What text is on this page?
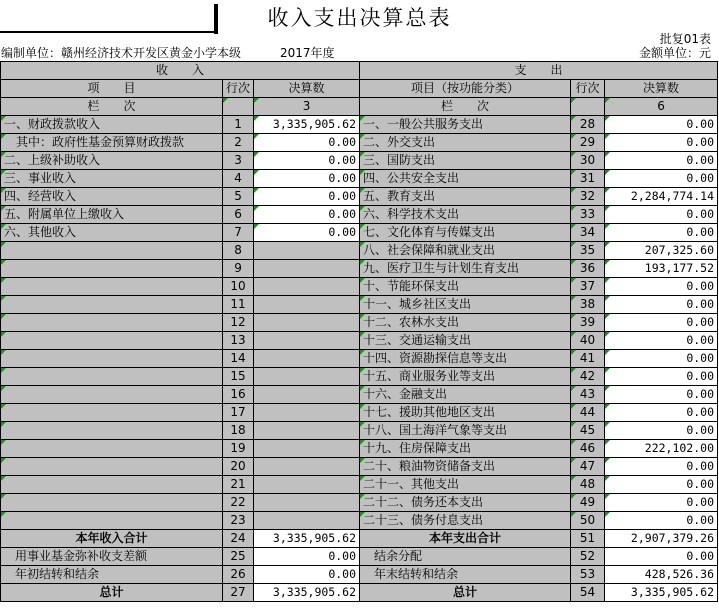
收入支出决算总表
批复01表
编制单位：赣州经济技术开发区黄金小学本级	2017年度	金额单位：元
收　　入			支　　出		
项　　目	行次	决算数	项目（按功能分类）	行次	决算数
栏　　次		3	栏　　次		6
一、财政拨款收入	1	3,335,905.62	一、一般公共服务支出	28	0.00
　其中：政府性基金预算财政拨款	2	0.00	二、外交支出	29	0.00
二、上级补助收入	3	0.00	三、国防支出	30	0.00
三、事业收入	4	0.00	四、公共安全支出	31	0.00
四、经营收入	5	0.00	五、教育支出	32	2,284,774.14
五、附属单位上缴收入	6	0.00	六、科学技术支出	33	0.00
六、其他收入	7	0.00	七、文化体育与传媒支出	34	0.00
	8		八、社会保障和就业支出	35	207,325.60
	9		九、医疗卫生与计划生育支出	36	193,177.52
	10		十、节能环保支出	37	0.00
	11		十一、城乡社区支出	38	0.00
	12		十二、农林水支出	39	0.00
	13		十三、交通运输支出	40	0.00
	14		十四、资源勘探信息等支出	41	0.00
	15		十五、商业服务业等支出	42	0.00
	16		十六、金融支出	43	0.00
	17		十七、援助其他地区支出	44	0.00
	18		十八、国土海洋气象等支出	45	0.00
	19		十九、住房保障支出	46	222,102.00
	20		二十、粮油物资储备支出	47	0.00
	21		二十一、其他支出	48	0.00
	22		二十二、债务还本支出	49	0.00
	23		二十三、债务付息支出	50	0.00
本年收入合计	24	3,335,905.62	本年支出合计	51	2,907,379.26
用事业基金弥补收支差额	25	0.00	结余分配	52	0.00
年初结转和结余	26	0.00	年末结转和结余	53	428,526.36
总计	27	3,335,905.62	总计	54	3,335,905.62
